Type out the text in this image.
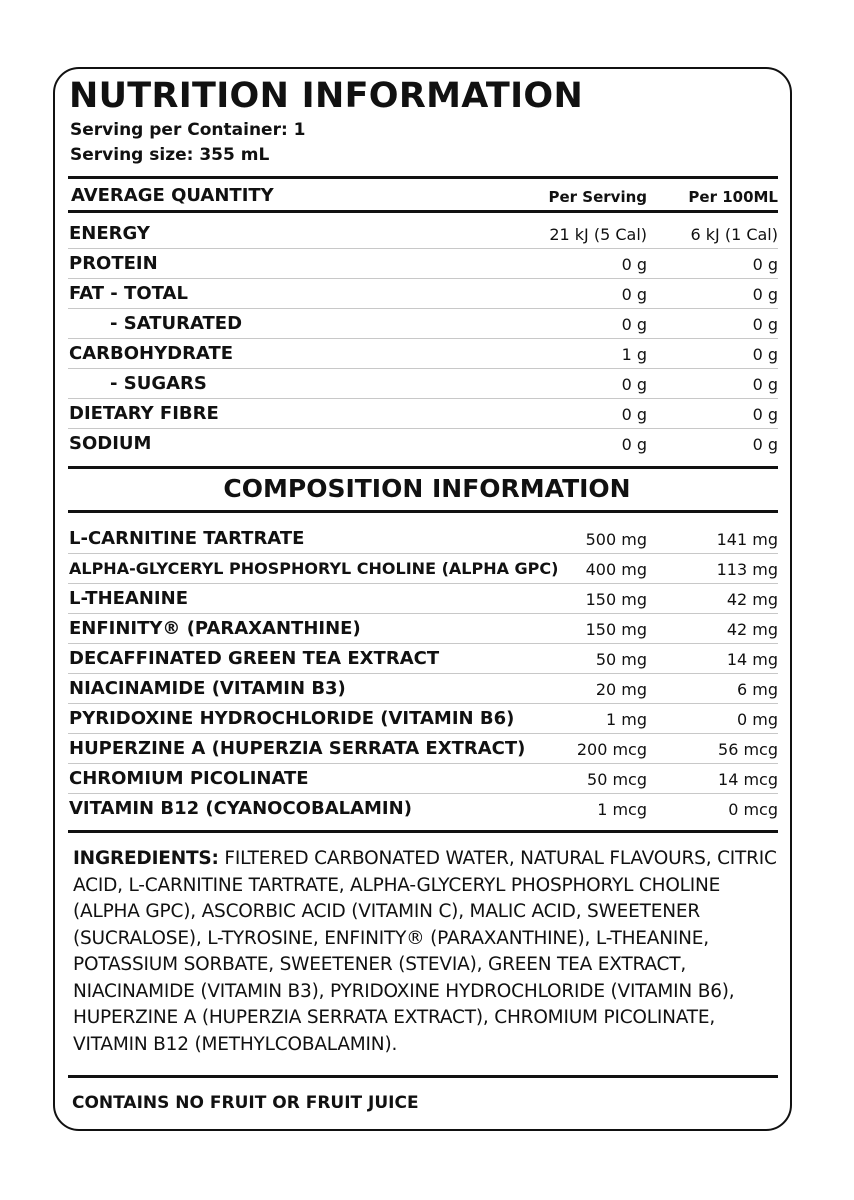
NUTRITION INFORMATION
Serving per Container: 1
Serving size: 355 mL
AVERAGE QUANTITY	Per Serving	Per 100ML
ENERGY	21 kJ (5 Cal)	6 kJ (1 Cal)
PROTEIN	0 g	0 g
FAT - TOTAL	0 g	0 g
- SATURATED	0 g	0 g
CARBOHYDRATE	1 g	0 g
- SUGARS	0 g	0 g
DIETARY FIBRE	0 g	0 g
SODIUM	0 g	0 g
COMPOSITION INFORMATION
L-CARNITINE TARTRATE	500 mg	141 mg
ALPHA-GLYCERYL PHOSPHORYL CHOLINE (ALPHA GPC) 400 mg	113 mg
L-THEANINE	150 mg	42 mg
ENFINITY® (PARAXANTHINE)	150 mg	42 mg
DECAFFINATED GREEN TEA EXTRACT	50 mg	14 mg
NIACINAMIDE (VITAMIN B3)	20 mg	6 mg
PYRIDOXINE HYDROCHLORIDE (VITAMIN B6)	1 mg	0 mg
HUPERZINE A (HUPERZIA SERRATA EXTRACT)	200 mcg	56 mcg
CHROMIUM PICOLINATE	50 mcg	14 mcg
VITAMIN B12 (CYANOCOBALAMIN)	1 mcg	0 mcg
INGREDIENTS: FILTERED CARBONATED WATER, NATURAL FLAVOURS, CITRIC ACID, L-CARNITINE TARTRATE, ALPHA-GLYCERYL PHOSPHORYL CHOLINE (ALPHA GPC), ASCORBIC ACID (VITAMIN C), MALIC ACID, SWEETENER (SUCRALOSE), L-TYROSINE, ENFINITY® (PARAXANTHINE), L-THEANINE, POTASSIUM SORBATE, SWEETENER (STEVIA), GREEN TEA EXTRACT, NIACINAMIDE (VITAMIN B3), PYRIDOXINE HYDROCHLORIDE (VITAMIN B6), HUPERZINE A (HUPERZIA SERRATA EXTRACT), CHROMIUM PICOLINATE, VITAMIN B12 (METHYLCOBALAMIN).
CONTAINS NO FRUIT OR FRUIT JUICE
